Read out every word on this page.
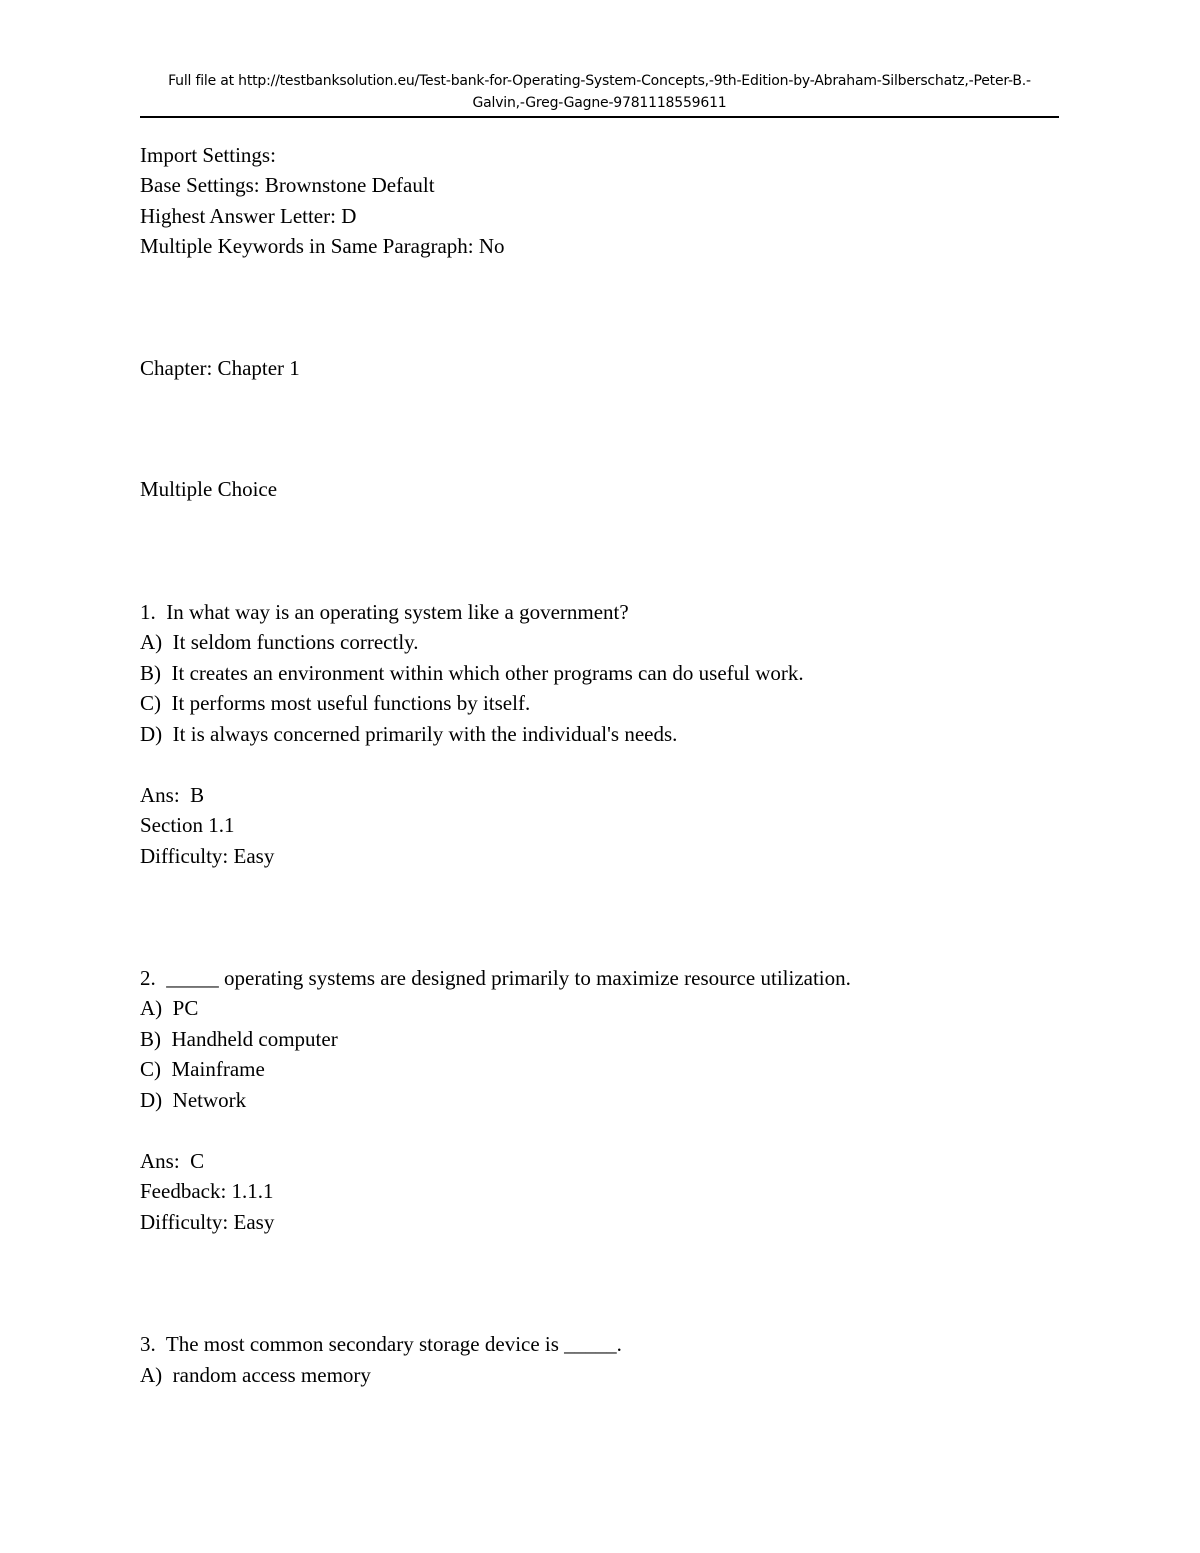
Full file at http://testbanksolution.eu/Test-bank-for-Operating-System-Concepts,-9th-Edition-by-Abraham-Silberschatz,-Peter-B.-
Galvin,-Greg-Gagne-9781118559611

Import Settings:

Base Settings: Brownstone Default

Highest Answer Letter: D

Multiple Keywords in Same Paragraph: No

Chapter: Chapter 1

Multiple Choice

1.  In what way is an operating system like a government?

A)  It seldom functions correctly.

B)  It creates an environment within which other programs can do useful work.

C)  It performs most useful functions by itself.

D)  It is always concerned primarily with the individual's needs.

Ans:  B

Section 1.1

Difficulty: Easy

2.  _____ operating systems are designed primarily to maximize resource utilization.

A)  PC

B)  Handheld computer

C)  Mainframe

D)  Network

Ans:  C

Feedback: 1.1.1

Difficulty: Easy

3.  The most common secondary storage device is _____.

A)  random access memory
